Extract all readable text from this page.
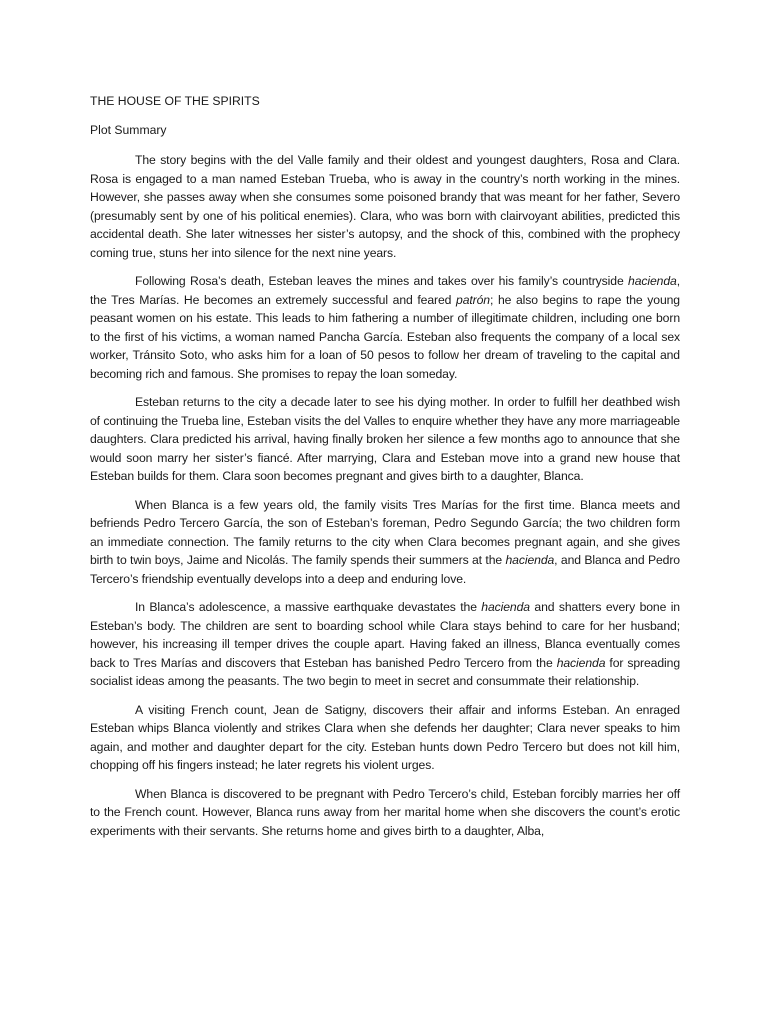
THE HOUSE OF THE SPIRITS
Plot Summary

The story begins with the del Valle family and their oldest and youngest daughters, Rosa and Clara. Rosa is engaged to a man named Esteban Trueba, who is away in the country’s north working in the mines. However, she passes away when she consumes some poisoned brandy that was meant for her father, Severo (presumably sent by one of his political enemies). Clara, who was born with clairvoyant abilities, predicted this accidental death. She later witnesses her sister’s autopsy, and the shock of this, combined with the prophecy coming true, stuns her into silence for the next nine years.

Following Rosa’s death, Esteban leaves the mines and takes over his family’s countryside hacienda, the Tres Marías. He becomes an extremely successful and feared patrón; he also begins to rape the young peasant women on his estate. This leads to him fathering a number of illegitimate children, including one born to the first of his victims, a woman named Pancha García. Esteban also frequents the company of a local sex worker, Tránsito Soto, who asks him for a loan of 50 pesos to follow her dream of traveling to the capital and becoming rich and famous. She promises to repay the loan someday.

Esteban returns to the city a decade later to see his dying mother. In order to fulfill her deathbed wish of continuing the Trueba line, Esteban visits the del Valles to enquire whether they have any more marriageable daughters. Clara predicted his arrival, having finally broken her silence a few months ago to announce that she would soon marry her sister’s fiancé. After marrying, Clara and Esteban move into a grand new house that Esteban builds for them. Clara soon becomes pregnant and gives birth to a daughter, Blanca.

When Blanca is a few years old, the family visits Tres Marías for the first time. Blanca meets and befriends Pedro Tercero García, the son of Esteban’s foreman, Pedro Segundo García; the two children form an immediate connection. The family returns to the city when Clara becomes pregnant again, and she gives birth to twin boys, Jaime and Nicolás. The family spends their summers at the hacienda, and Blanca and Pedro Tercero’s friendship eventually develops into a deep and enduring love.

In Blanca’s adolescence, a massive earthquake devastates the hacienda and shatters every bone in Esteban’s body. The children are sent to boarding school while Clara stays behind to care for her husband; however, his increasing ill temper drives the couple apart. Having faked an illness, Blanca eventually comes back to Tres Marías and discovers that Esteban has banished Pedro Tercero from the hacienda for spreading socialist ideas among the peasants. The two begin to meet in secret and consummate their relationship.

A visiting French count, Jean de Satigny, discovers their affair and informs Esteban. An enraged Esteban whips Blanca violently and strikes Clara when she defends her daughter; Clara never speaks to him again, and mother and daughter depart for the city. Esteban hunts down Pedro Tercero but does not kill him, chopping off his fingers instead; he later regrets his violent urges.

When Blanca is discovered to be pregnant with Pedro Tercero’s child, Esteban forcibly marries her off to the French count. However, Blanca runs away from her marital home when she discovers the count’s erotic experiments with their servants. She returns home and gives birth to a daughter, Alba,
